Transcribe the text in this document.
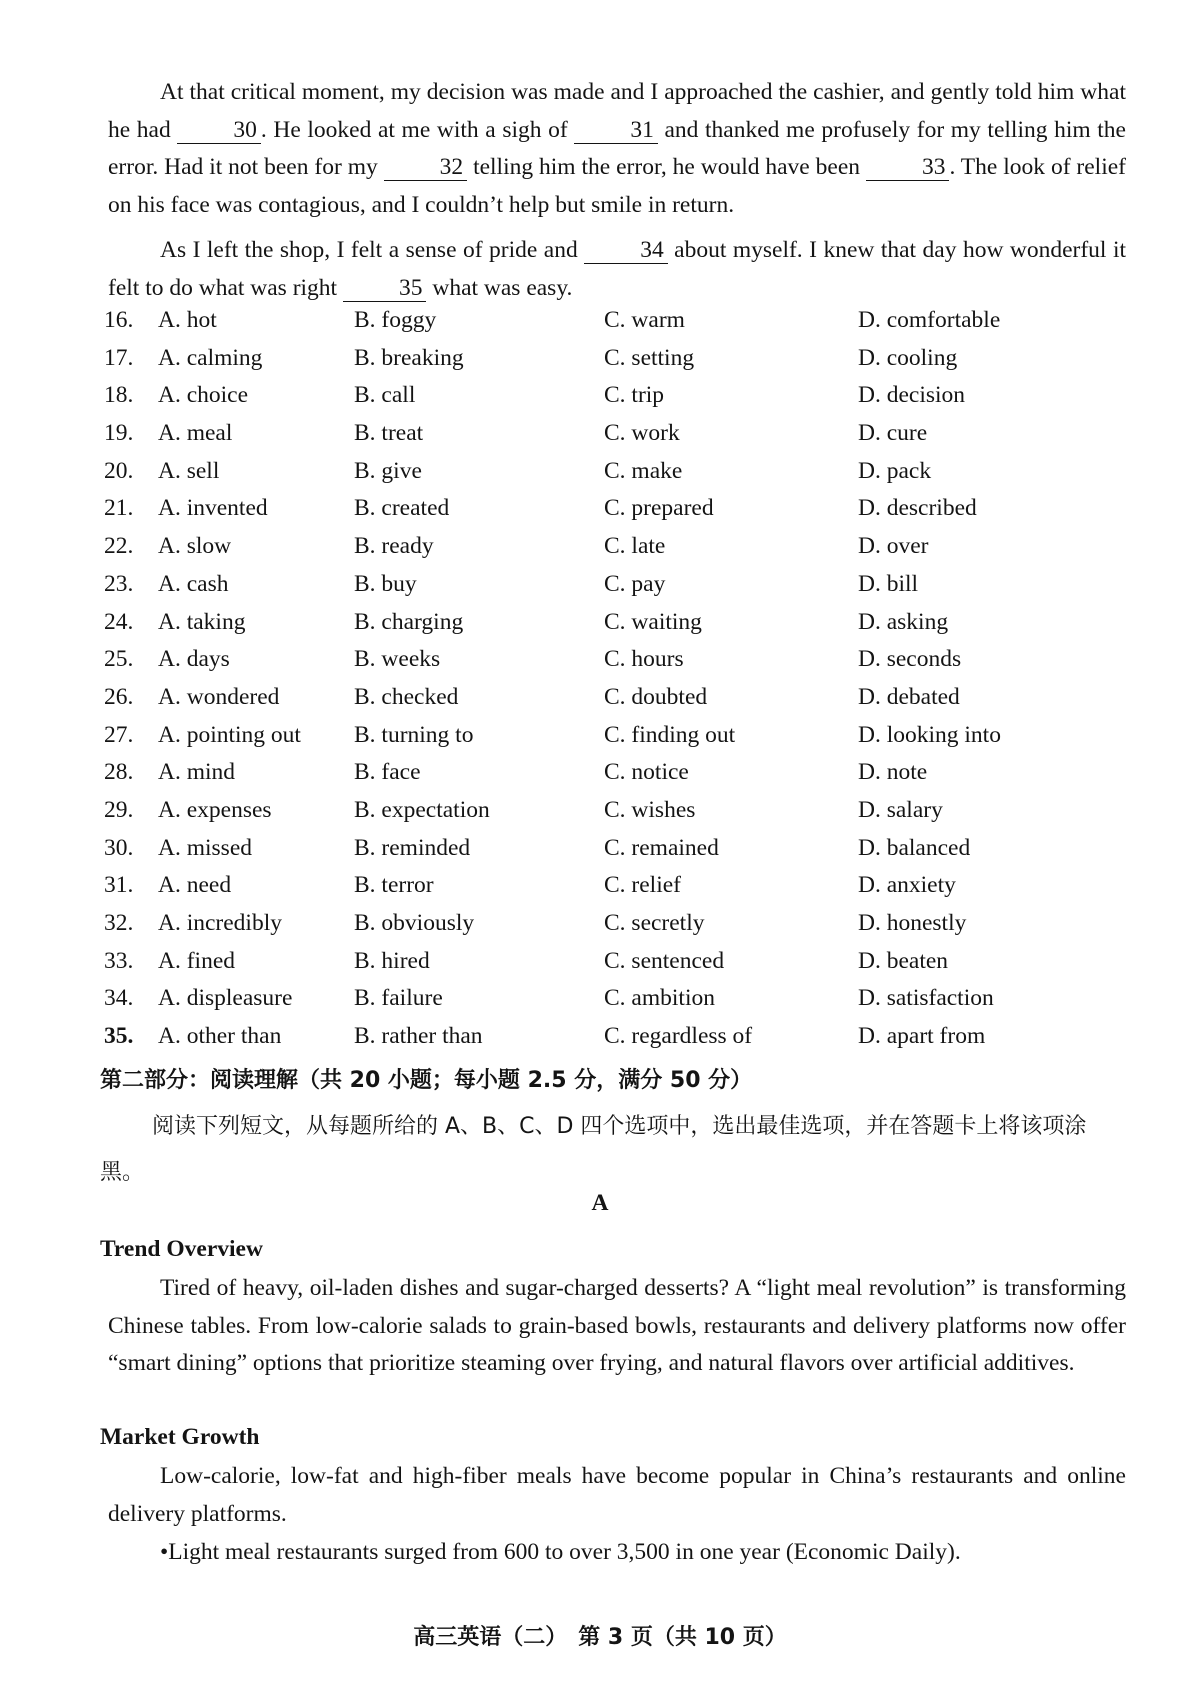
At that critical moment, my decision was made and I approached the cashier, and gently told him what he had 30 . He looked at me with a sigh of 31 and thanked me profusely for my telling him the error. Had it not been for my 32 telling him the error, he would have been 33 . The look of relief on his face was contagious, and I couldn’t help but smile in return.

As I left the shop, I felt a sense of pride and 34 about myself. I knew that day how wonderful it felt to do what was right 35 what was easy.

16. A. hot	B. foggy	C. warm	D. comfortable
17. A. calming	B. breaking	C. setting	D. cooling
18. A. choice	B. call	C. trip	D. decision
19. A. meal	B. treat	C. work	D. cure
20. A. sell	B. give	C. make	D. pack
21. A. invented	B. created	C. prepared	D. described
22. A. slow	B. ready	C. late	D. over
23. A. cash	B. buy	C. pay	D. bill
24. A. taking	B. charging	C. waiting	D. asking
25. A. days	B. weeks	C. hours	D. seconds
26. A. wondered	B. checked	C. doubted	D. debated
27. A. pointing out B. turning to	C. finding out	D. looking into
28. A. mind	B. face	C. notice	D. note
29. A. expenses	B. expectation	C. wishes	D. salary
30. A. missed	B. reminded	C. remained	D. balanced
31. A. need	B. terror	C. relief	D. anxiety
32. A. incredibly	B. obviously	C. secretly	D. honestly
33. A. fined	B. hired	C. sentenced	D. beaten
34. A. displeasure	B. failure	C. ambition	D. satisfaction
35. A. other than	B. rather than	C. regardless of	D. apart from

第二部分：阅读理解（共 20 小题；每小题 2.5 分，满分 50 分）

阅读下列短文，从每题所给的 A、B、C、D 四个选项中，选出最佳选项，并在答题卡上将该项涂黑。

A

Trend Overview

Tired of heavy, oil-laden dishes and sugar-charged desserts? A “light meal revolution” is transforming Chinese tables. From low-calorie salads to grain-based bowls, restaurants and delivery platforms now offer “smart dining” options that prioritize steaming over frying, and natural flavors over artificial additives.

Market Growth

Low-calorie, low-fat and high-fiber meals have become popular in China’s restaurants and online delivery platforms.

•Light meal restaurants surged from 600 to over 3,500 in one year (Economic Daily).

高三英语（二）　第 3 页（共 10 页）
